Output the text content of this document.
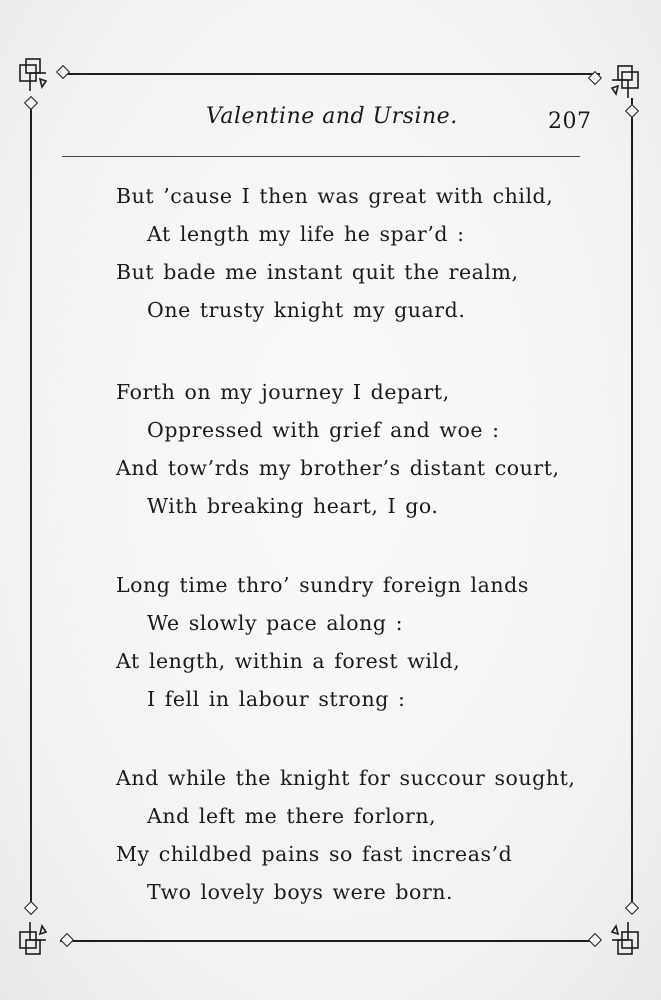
Valentine and Ursine.	207
But ’cause I then was great with child,
At length my life he spar’d :
But bade me instant quit the realm,
One trusty knight my guard.
Forth on my journey I depart,
Oppressed with grief and woe :
And tow’rds my brother’s distant court,
With breaking heart, I go.
Long time thro’ sundry foreign lands
We slowly pace along :
At length, within a forest wild,
I fell in labour strong :
And while the knight for succour sought,
And left me there forlorn,
My childbed pains so fast increas’d
Two lovely boys were born.
